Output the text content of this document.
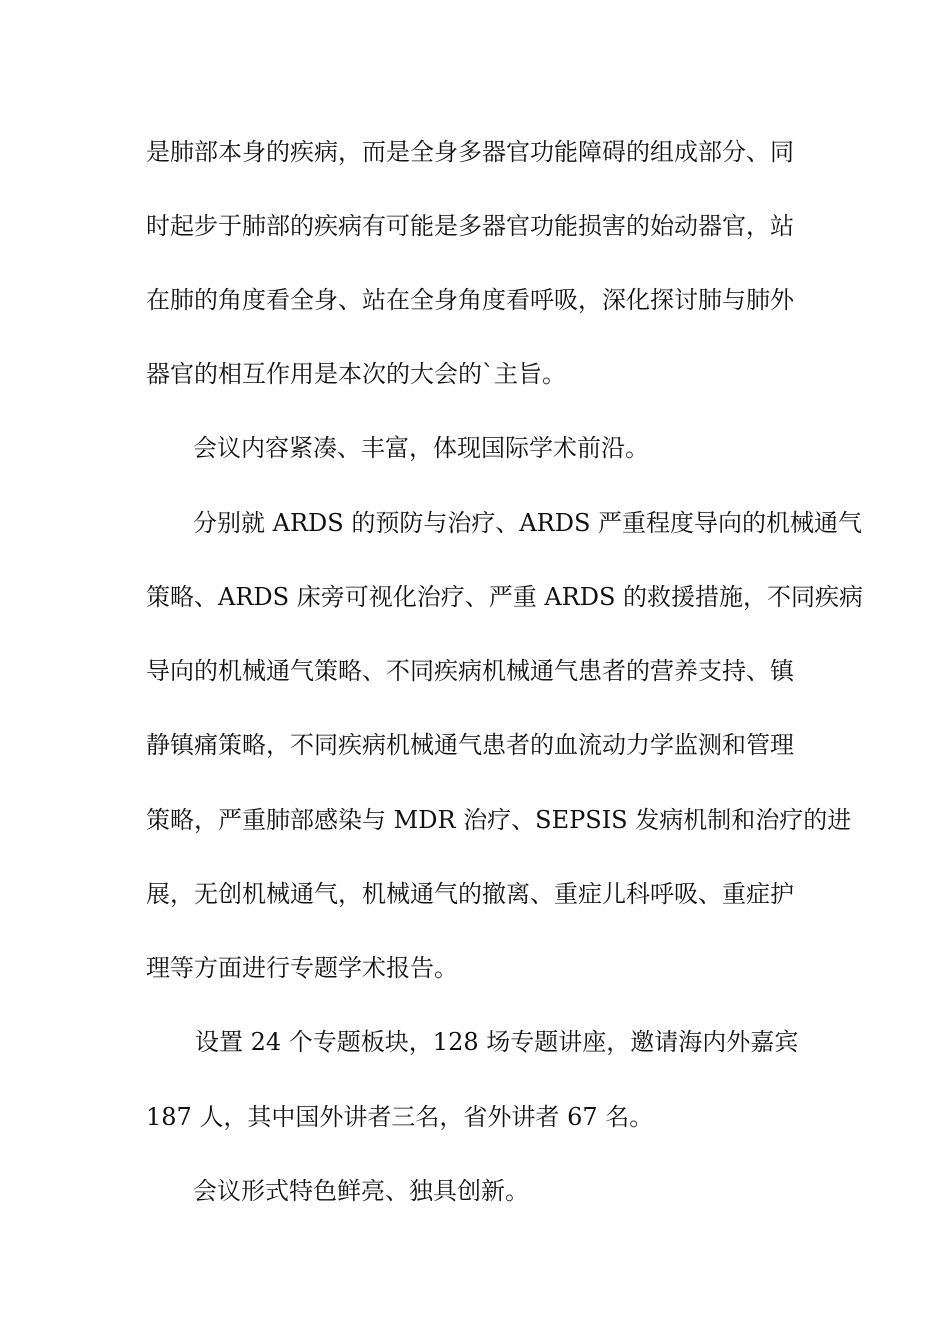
是肺部本身的疾病，而是全身多器官功能障碍的组成部分、同
时起步于肺部的疾病有可能是多器官功能损害的始动器官，站
在肺的角度看全身、站在全身角度看呼吸，深化探讨肺与肺外
器官的相互作用是本次的大会的`主旨。
会议内容紧凑、丰富，体现国际学术前沿。
分别就 ARDS 的预防与治疗、ARDS 严重程度导向的机械通气
策略、ARDS 床旁可视化治疗、严重 ARDS 的救援措施，不同疾病
导向的机械通气策略、不同疾病机械通气患者的营养支持、镇
静镇痛策略，不同疾病机械通气患者的血流动力学监测和管理
策略，严重肺部感染与 MDR 治疗、SEPSIS 发病机制和治疗的进
展，无创机械通气，机械通气的撤离、重症儿科呼吸、重症护
理等方面进行专题学术报告。
设置 24 个专题板块，128 场专题讲座，邀请海内外嘉宾
187 人，其中国外讲者三名，省外讲者 67 名。
会议形式特色鲜亮、独具创新。
